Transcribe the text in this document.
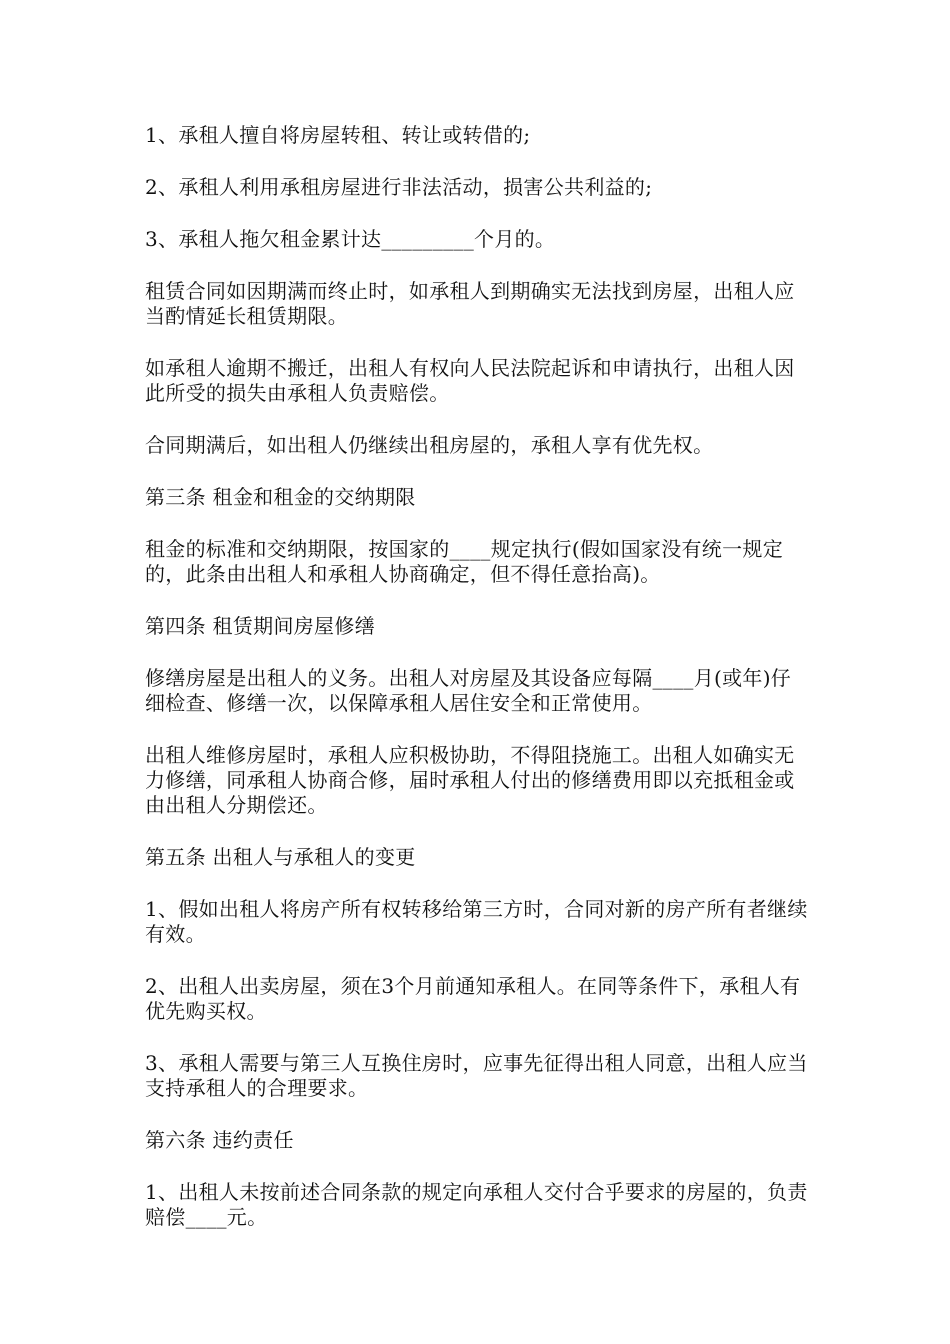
1、承租人擅自将房屋转租、转让或转借的;

2、承租人利用承租房屋进行非法活动，损害公共利益的;

3、承租人拖欠租金累计达_________个月的。

租赁合同如因期满而终止时，如承租人到期确实无法找到房屋，出租人应当酌情延长租赁期限。

如承租人逾期不搬迁，出租人有权向人民法院起诉和申请执行，出租人因此所受的损失由承租人负责赔偿。

合同期满后，如出租人仍继续出租房屋的，承租人享有优先权。

第三条 租金和租金的交纳期限

租金的标准和交纳期限，按国家的____规定执行(假如国家没有统一规定的，此条由出租人和承租人协商确定，但不得任意抬高)。

第四条 租赁期间房屋修缮

修缮房屋是出租人的义务。出租人对房屋及其设备应每隔____月(或年)仔细检查、修缮一次，以保障承租人居住安全和正常使用。

出租人维修房屋时，承租人应积极协助，不得阻挠施工。出租人如确实无力修缮，同承租人协商合修，届时承租人付出的修缮费用即以充抵租金或由出租人分期偿还。

第五条 出租人与承租人的变更

1、假如出租人将房产所有权转移给第三方时，合同对新的房产所有者继续有效。

2、出租人出卖房屋，须在3个月前通知承租人。在同等条件下，承租人有优先购买权。

3、承租人需要与第三人互换住房时，应事先征得出租人同意，出租人应当支持承租人的合理要求。

第六条 违约责任

1、出租人未按前述合同条款的规定向承租人交付合乎要求的房屋的，负责赔偿____元。
